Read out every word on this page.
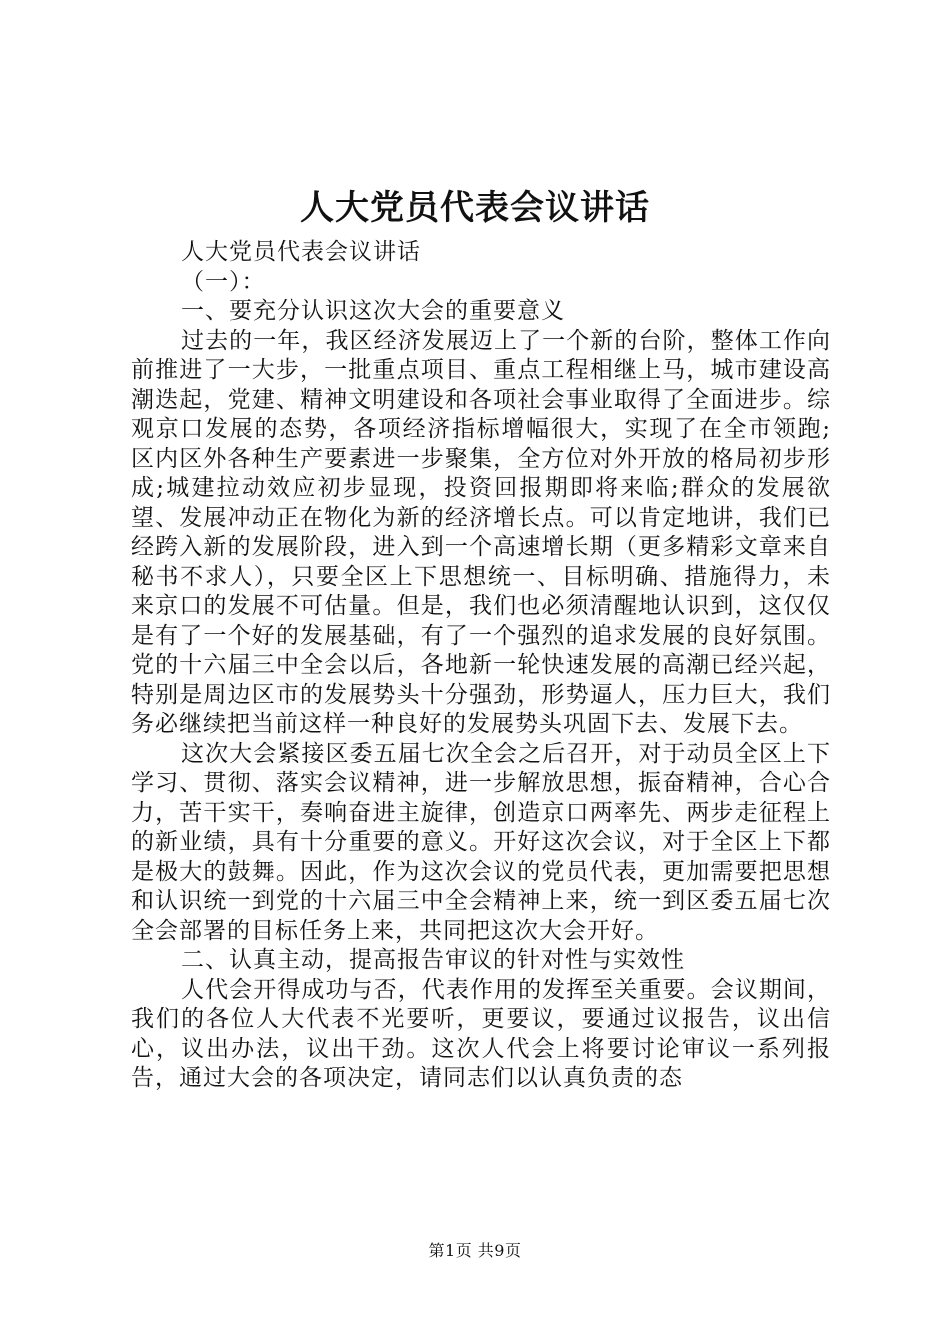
人大党员代表会议讲话

人大党员代表会议讲话

（一）：

一、要充分认识这次大会的重要意义

过去的一年，我区经济发展迈上了一个新的台阶，整体工作向前推进了一大步，一批重点项目、重点工程相继上马，城市建设高潮迭起，党建、精神文明建设和各项社会事业取得了全面进步。综观京口发展的态势，各项经济指标增幅很大，实现了在全市领跑;区内区外各种生产要素进一步聚集，全方位对外开放的格局初步形成;城建拉动效应初步显现，投资回报期即将来临;群众的发展欲望、发展冲动正在物化为新的经济增长点。可以肯定地讲，我们已经跨入新的发展阶段，进入到一个高速增长期（更多精彩文章来自秘书不求人），只要全区上下思想统一、目标明确、措施得力，未来京口的发展不可估量。但是，我们也必须清醒地认识到，这仅仅是有了一个好的发展基础，有了一个强烈的追求发展的良好氛围。党的十六届三中全会以后，各地新一轮快速发展的高潮已经兴起，特别是周边区市的发展势头十分强劲，形势逼人，压力巨大，我们务必继续把当前这样一种良好的发展势头巩固下去、发展下去。

这次大会紧接区委五届七次全会之后召开，对于动员全区上下学习、贯彻、落实会议精神，进一步解放思想，振奋精神，合心合力，苦干实干，奏响奋进主旋律，创造京口两率先、两步走征程上的新业绩，具有十分重要的意义。开好这次会议，对于全区上下都是极大的鼓舞。因此，作为这次会议的党员代表，更加需要把思想和认识统一到党的十六届三中全会精神上来，统一到区委五届七次全会部署的目标任务上来，共同把这次大会开好。

二、认真主动，提高报告审议的针对性与实效性

人代会开得成功与否，代表作用的发挥至关重要。会议期间，我们的各位人大代表不光要听，更要议，要通过议报告，议出信心，议出办法，议出干劲。这次人代会上将要讨论审议一系列报告，通过大会的各项决定，请同志们以认真负责的态

第1页 共9页
